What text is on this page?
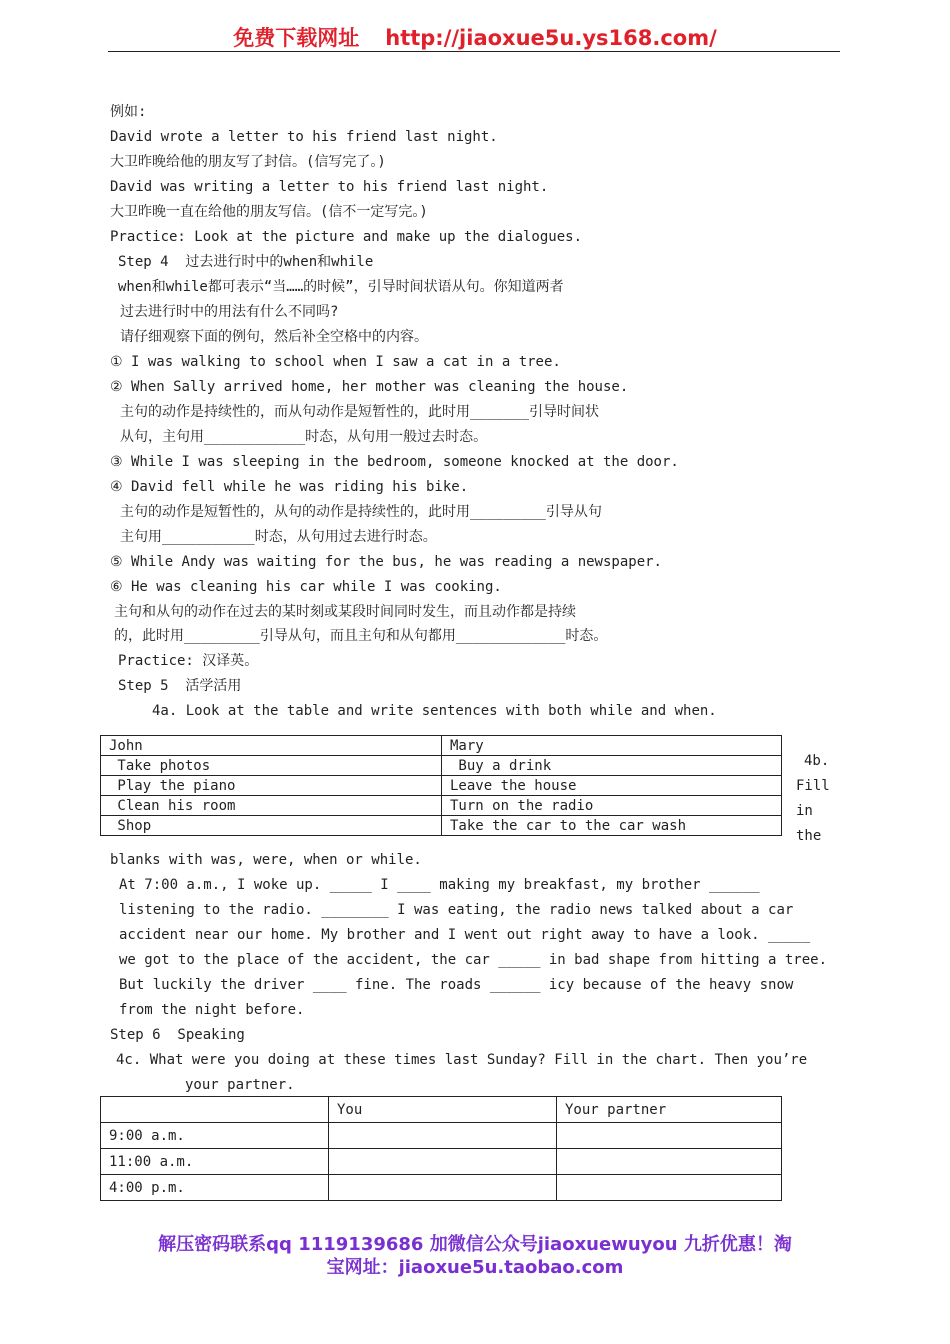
免费下载网址 http://jiaoxue5u.ys168.com/
例如:
David wrote a letter to his friend last night.
大卫昨晚给他的朋友写了封信。(信写完了。)
David was writing a letter to his friend last night.
大卫昨晚一直在给他的朋友写信。(信不一定写完。)
Practice: Look at the picture and make up the dialogues.
Step 4  过去进行时中的when和while
when和while都可表示“当……的时候”，引导时间状语从句。你知道两者
过去进行时中的用法有什么不同吗?
请仔细观察下面的例句，然后补全空格中的内容。
① I was walking to school when I saw a cat in a tree.
② When Sally arrived home, her mother was cleaning the house.
主句的动作是持续性的，而从句动作是短暂性的，此时用_______引导时间状
从句，主句用____________时态，从句用一般过去时态。
③ While I was sleeping in the bedroom, someone knocked at the door.
④ David fell while he was riding his bike.
主句的动作是短暂性的，从句的动作是持续性的，此时用_________引导从句
主句用___________时态，从句用过去进行时态。
⑤ While Andy was waiting for the bus, he was reading a newspaper.
⑥ He was cleaning his car while I was cooking.
主句和从句的动作在过去的某时刻或某段时间同时发生，而且动作都是持续
的，此时用_________引导从句，而且主句和从句都用_____________时态。
Practice: 汉译英。
Step 5  活学活用
4a. Look at the table and write sentences with both while and when.
John	Mary
Take photos	Buy a drink
Play the piano	Leave the house
Clean his room	Turn on the radio
Shop	Take the car to the car wash
4b.
Fill
in
the
blanks with was, were, when or while.
At 7:00 a.m., I woke up. _____ I ____ making my breakfast, my brother ______
listening to the radio. ________ I was eating, the radio news talked about a car
accident near our home. My brother and I went out right away to have a look. _____
we got to the place of the accident, the car _____ in bad shape from hitting a tree.
But luckily the driver ____ fine. The roads ______ icy because of the heavy snow
from the night before.
Step 6  Speaking
4c. What were you doing at these times last Sunday? Fill in the chart. Then you’re
your partner.
	You	Your partner
9:00 a.m.		
11:00 a.m.		
4:00 p.m.		
解压密码联系qq 1119139686 加微信公众号jiaoxuewuyou 九折优惠！淘
宝网址：jiaoxue5u.taobao.com
